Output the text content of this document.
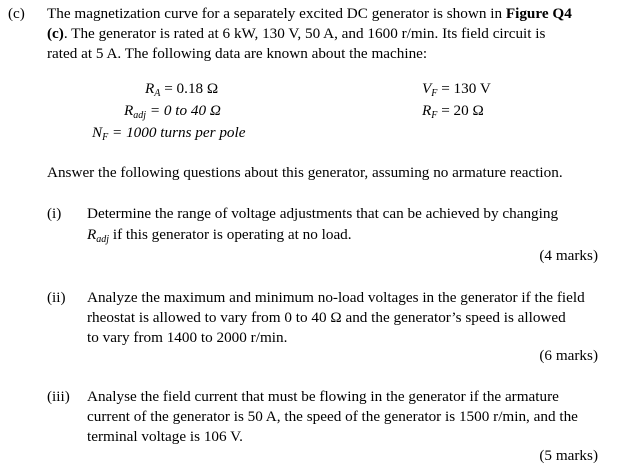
(c) The magnetization curve for a separately excited DC generator is shown in Figure Q4
(c). The generator is rated at 6 kW, 130 V, 50 A, and 1600 r/min. Its field circuit is
rated at 5 A. The following data are known about the machine:
$R_A = 0.18$ Ω
$R_{adj} = 0$ to 40 Ω
$N_F = 1000$ turns per pole
$V_F = 130$ V
$R_F = 20$ Ω
Answer the following questions about this generator, assuming no armature reaction.
(i) Determine the range of voltage adjustments that can be achieved by changing
$R_{adj}$ if this generator is operating at no load.
(4 marks)
(ii) Analyze the maximum and minimum no-load voltages in the generator if the field
rheostat is allowed to vary from 0 to 40 Ω and the generator’s speed is allowed
to vary from 1400 to 2000 r/min.
(6 marks)
(iii) Analyse the field current that must be flowing in the generator if the armature
current of the generator is 50 A, the speed of the generator is 1500 r/min, and the
terminal voltage is 106 V.
(5 marks)
